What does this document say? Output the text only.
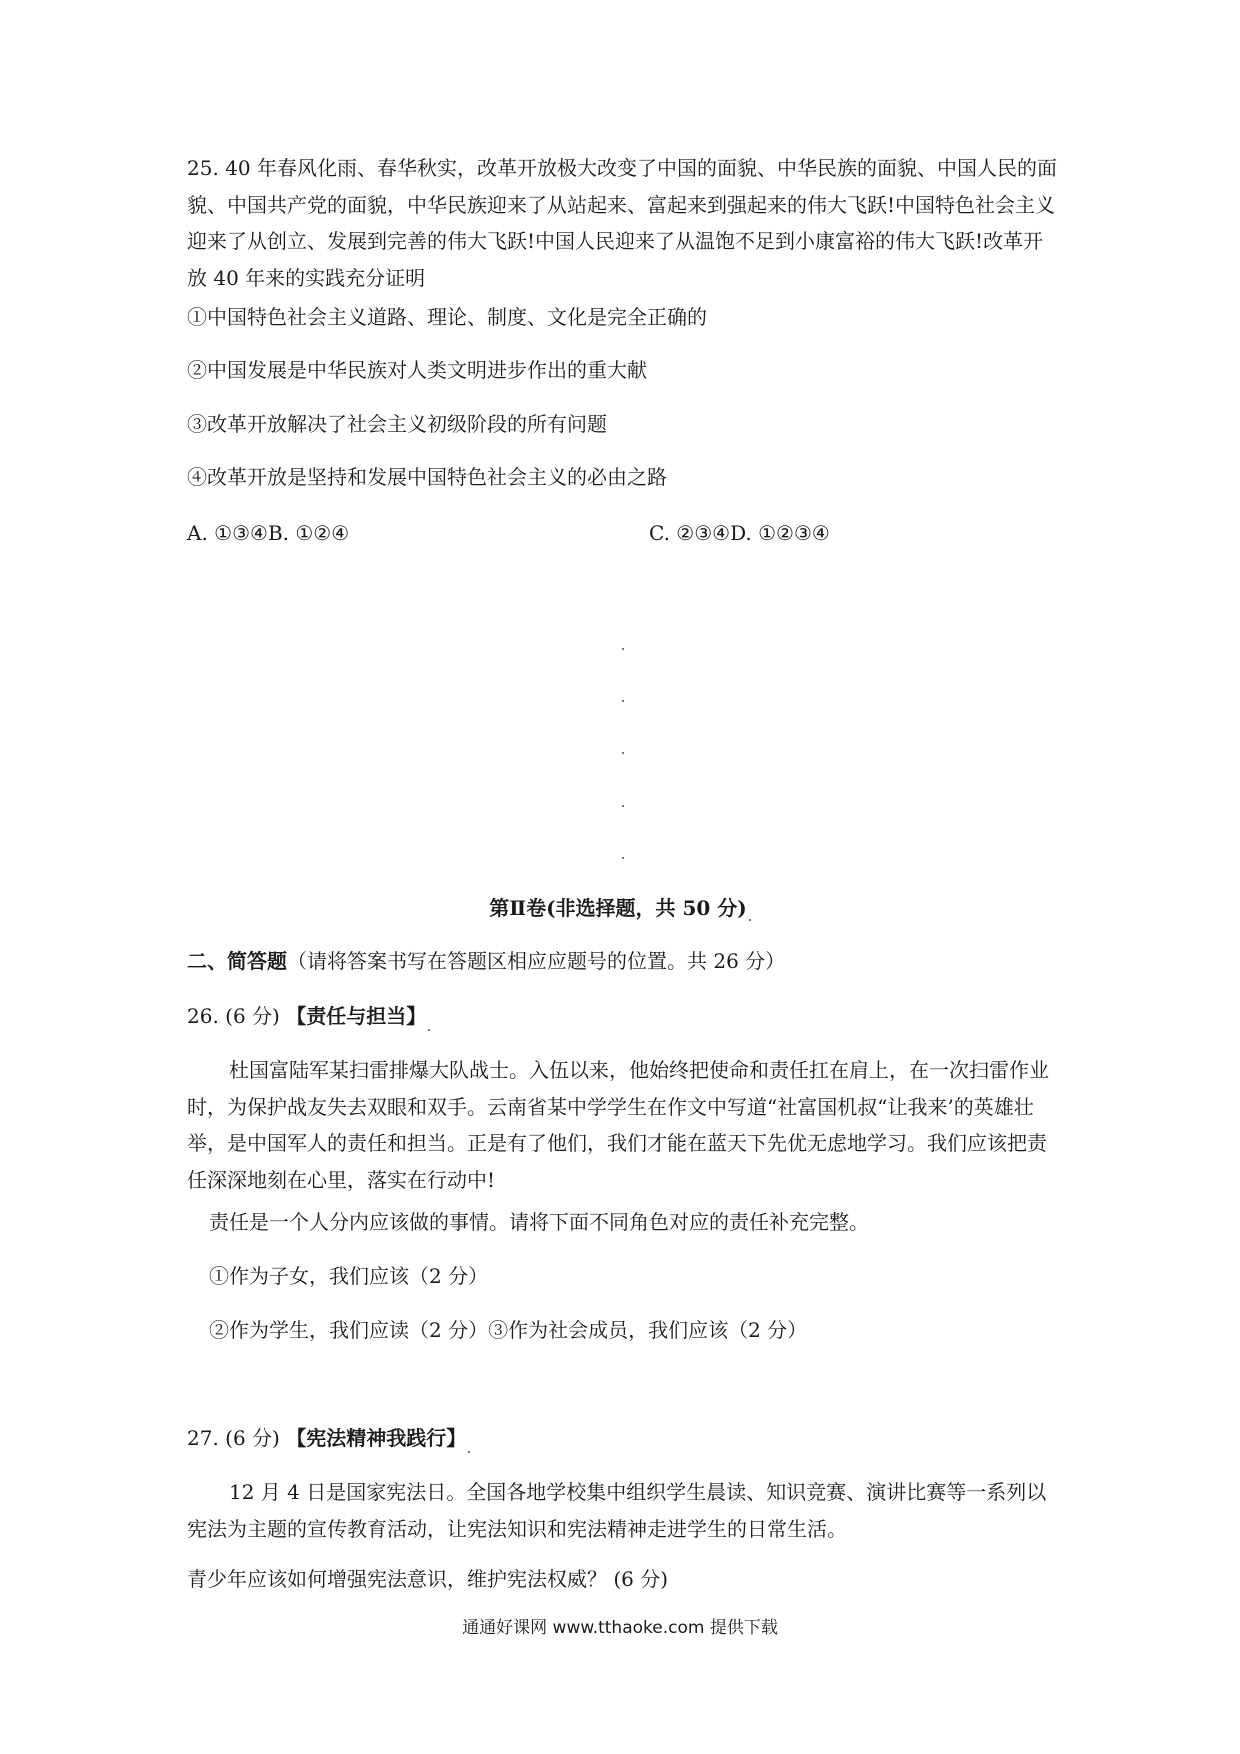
25. 40 年春风化雨、春华秋实，改革开放极大改变了中国的面貌、中华民族的面貌、中国人民的面貌、中国共产党的面貌，中华民族迎来了从站起来、富起来到强起来的伟大飞跃!中国特色社会主义迎来了从创立、发展到完善的伟大飞跃!中国人民迎来了从温饱不足到小康富裕的伟大飞跃!改革开放 40 年来的实践充分证明
①中国特色社会主义道路、理论、制度、文化是完全正确的
②中国发展是中华民族对人类文明进步作出的重大献
③改革开放解决了社会主义初级阶段的所有问题
④改革开放是坚持和发展中国特色社会主义的必由之路
A. ①③④B. ①②④	C. ②③④D. ①②③④
第Ⅱ卷(非选择题，共 50 分)
二、简答题（请将答案书写在答题区相应应题号的位置。共 26 分）
26. (6 分) 【责任与担当】
杜国富陆军某扫雷排爆大队战士。入伍以来，他始终把使命和责任扛在肩上，在一次扫雷作业时，为保护战友失去双眼和双手。云南省某中学学生在作文中写道“社富国机叔“让我来’的英雄壮举，是中国军人的责任和担当。正是有了他们，我们才能在蓝天下先优无虑地学习。我们应该把责任深深地刻在心里，落实在行动中!
责任是一个人分内应该做的事情。请将下面不同角色对应的责任补充完整。
①作为子女，我们应该（2 分）
②作为学生，我们应读（2 分）③作为社会成员，我们应该（2 分）
27. (6 分) 【宪法精神我践行】
12 月 4 日是国家宪法日。全国各地学校集中组织学生晨读、知识竞赛、演讲比赛等一系列以宪法为主题的宣传教育活动，让宪法知识和宪法精神走进学生的日常生活。
青少年应该如何增强宪法意识，维护宪法权威？ (6 分)
通通好课网 www.tthaoke.com 提供下载
